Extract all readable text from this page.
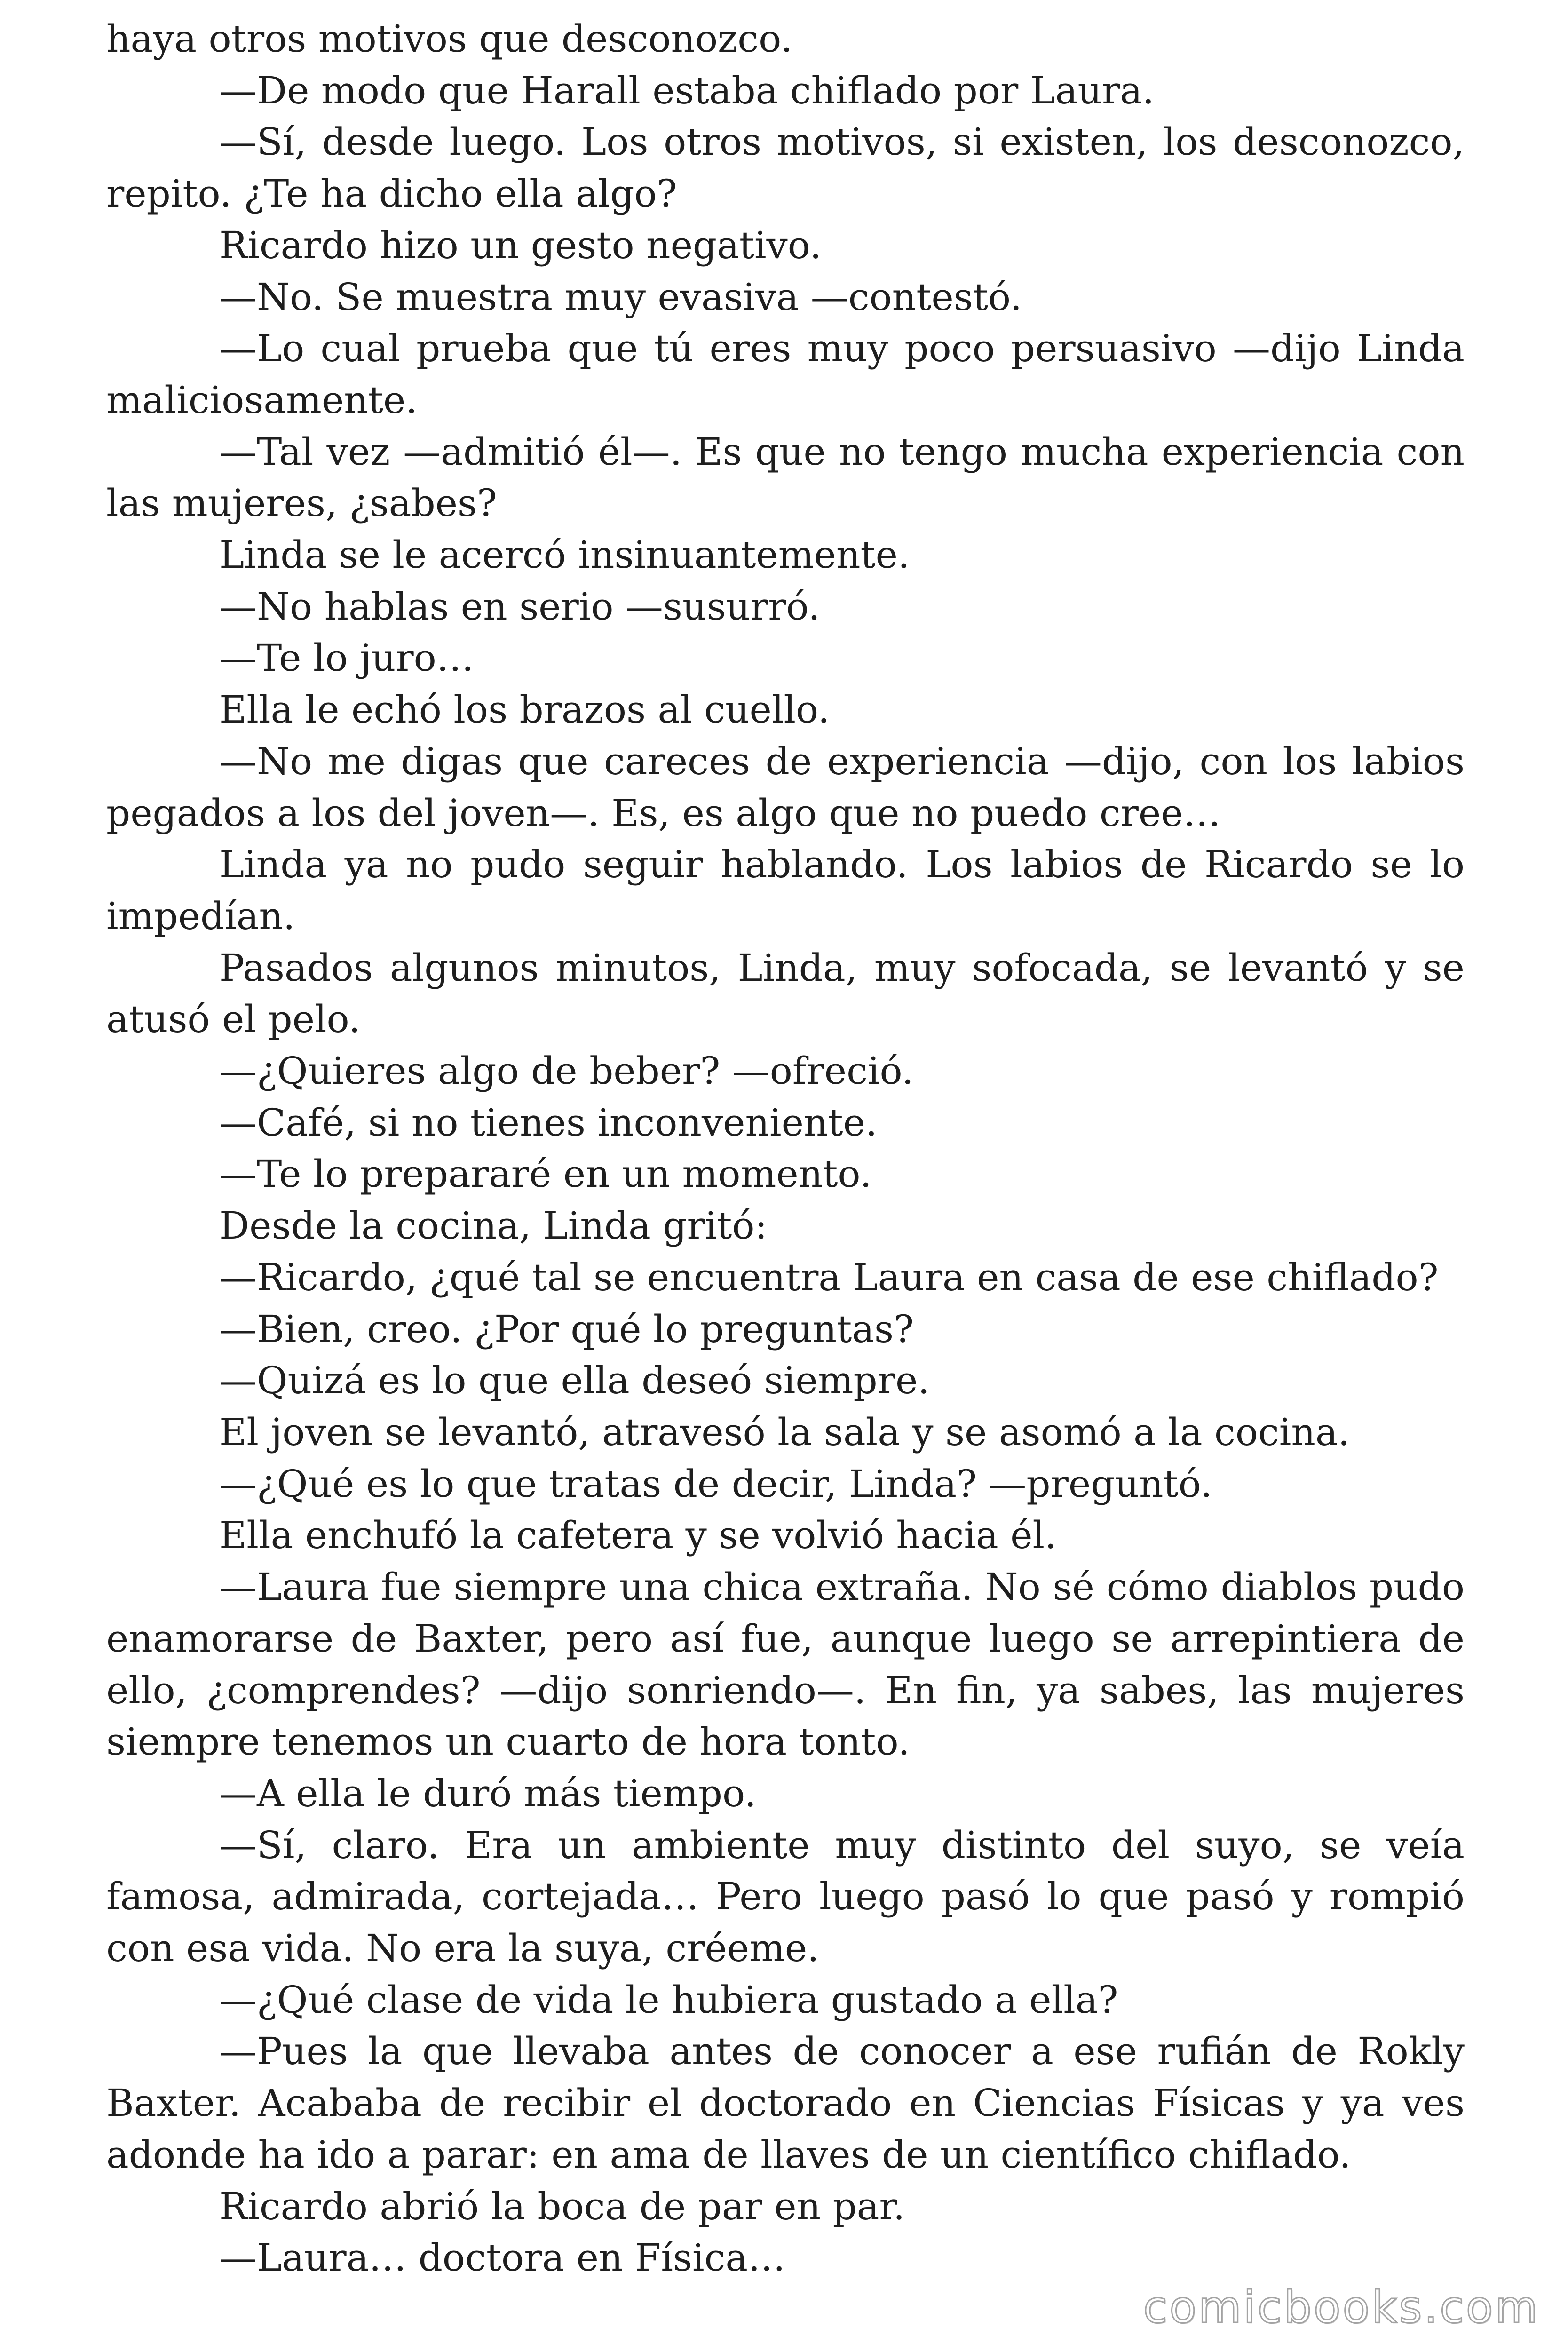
haya otros motivos que desconozco.

—De modo que Harall estaba chiflado por Laura.

—Sí, desde luego. Los otros motivos, si existen, los desconozco, repito. ¿Te ha dicho ella algo?

Ricardo hizo un gesto negativo.

—No. Se muestra muy evasiva —contestó.

—Lo cual prueba que tú eres muy poco persuasivo —dijo Linda maliciosamente.

—Tal vez —admitió él—. Es que no tengo mucha experiencia con las mujeres, ¿sabes?

Linda se le acercó insinuantemente.

—No hablas en serio —susurró.

—Te lo juro…

Ella le echó los brazos al cuello.

—No me digas que careces de experiencia —dijo, con los labios pegados a los del joven—. Es, es algo que no puedo cree…

Linda ya no pudo seguir hablando. Los labios de Ricardo se lo impedían.

Pasados algunos minutos, Linda, muy sofocada, se levantó y se atusó el pelo.

—¿Quieres algo de beber? —ofreció.

—Café, si no tienes inconveniente.

—Te lo prepararé en un momento.

Desde la cocina, Linda gritó:

—Ricardo, ¿qué tal se encuentra Laura en casa de ese chiflado?

—Bien, creo. ¿Por qué lo preguntas?

—Quizá es lo que ella deseó siempre.

El joven se levantó, atravesó la sala y se asomó a la cocina.

—¿Qué es lo que tratas de decir, Linda? —preguntó.

Ella enchufó la cafetera y se volvió hacia él.

—Laura fue siempre una chica extraña. No sé cómo diablos pudo enamorarse de Baxter, pero así fue, aunque luego se arrepintiera de ello, ¿comprendes? —dijo sonriendo—. En fin, ya sabes, las mujeres siempre tenemos un cuarto de hora tonto.

—A ella le duró más tiempo.

—Sí, claro. Era un ambiente muy distinto del suyo, se veía famosa, admirada, cortejada… Pero luego pasó lo que pasó y rompió con esa vida. No era la suya, créeme.

—¿Qué clase de vida le hubiera gustado a ella?

—Pues la que llevaba antes de conocer a ese rufián de Rokly Baxter. Acababa de recibir el doctorado en Ciencias Físicas y ya ves adonde ha ido a parar: en ama de llaves de un científico chiflado.

Ricardo abrió la boca de par en par.

—Laura… doctora en Física…

comicbooks.com
